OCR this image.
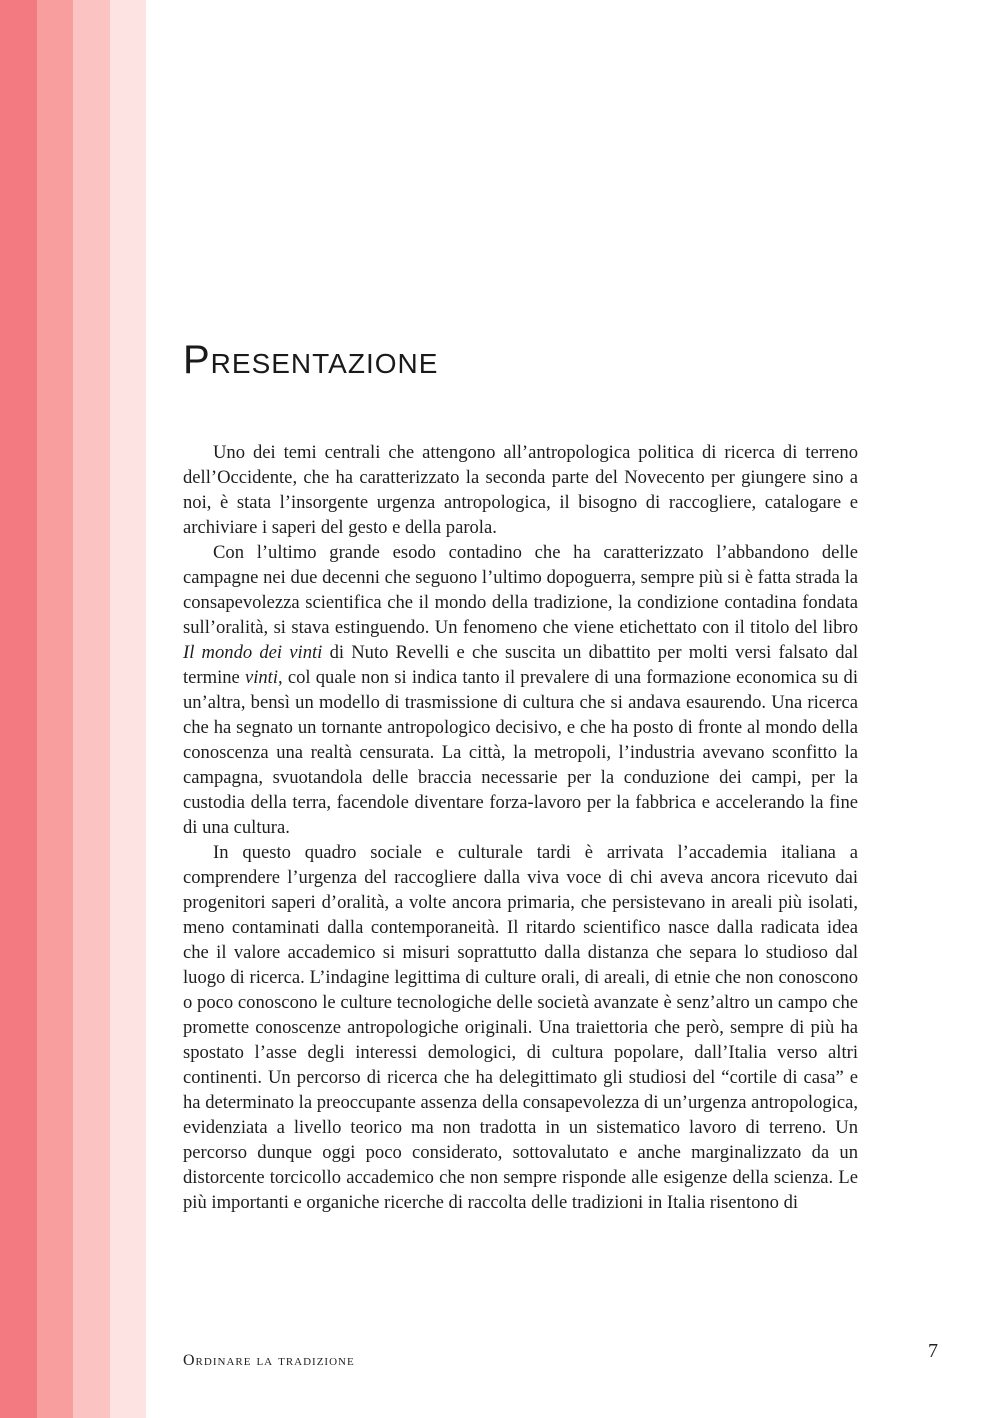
Presentazione

Uno dei temi centrali che attengono all’antropologica politica di ricerca di terreno dell’Occidente, che ha caratterizzato la seconda parte del Novecento per giungere sino a noi, è stata l’insorgente urgenza antropologica, il bisogno di raccogliere, catalogare e archiviare i saperi del gesto e della parola.

Con l’ultimo grande esodo contadino che ha caratterizzato l’abbandono delle campagne nei due decenni che seguono l’ultimo dopoguerra, sempre più si è fatta strada la consapevolezza scientifica che il mondo della tradizione, la condizione contadina fondata sull’oralità, si stava estinguendo. Un fenomeno che viene etichettato con il titolo del libro Il mondo dei vinti di Nuto Revelli e che suscita un dibattito per molti versi falsato dal termine vinti, col quale non si indica tanto il prevalere di una formazione economica su di un’altra, bensì un modello di trasmissione di cultura che si andava esaurendo. Una ricerca che ha segnato un tornante antropologico decisivo, e che ha posto di fronte al mondo della conoscenza una realtà censurata. La città, la metropoli, l’industria avevano sconfitto la campagna, svuotandola delle braccia necessarie per la conduzione dei campi, per la custodia della terra, facendole diventare forza-lavoro per la fabbrica e accelerando la fine di una cultura.

In questo quadro sociale e culturale tardi è arrivata l’accademia italiana a comprendere l’urgenza del raccogliere dalla viva voce di chi aveva ancora ricevuto dai progenitori saperi d’oralità, a volte ancora primaria, che persistevano in areali più isolati, meno contaminati dalla contemporaneità. Il ritardo scientifico nasce dalla radicata idea che il valore accademico si misuri soprattutto dalla distanza che separa lo studioso dal luogo di ricerca. L’indagine legittima di culture orali, di areali, di etnie che non conoscono o poco conoscono le culture tecnologiche delle società avanzate è senz’altro un campo che promette conoscenze antropologiche originali. Una traiettoria che però, sempre di più ha spostato l’asse degli interessi demologici, di cultura popolare, dall’Italia verso altri continenti. Un percorso di ricerca che ha delegittimato gli studiosi del “cortile di casa” e ha determinato la preoccupante assenza della consapevolezza di un’urgenza antropologica, evidenziata a livello teorico ma non tradotta in un sistematico lavoro di terreno. Un percorso dunque oggi poco considerato, sottovalutato e anche marginalizzato da un distorcente torcicollo accademico che non sempre risponde alle esigenze della scienza. Le più importanti e organiche ricerche di raccolta delle tradizioni in Italia risentono di

Ordinare la tradizione	7
